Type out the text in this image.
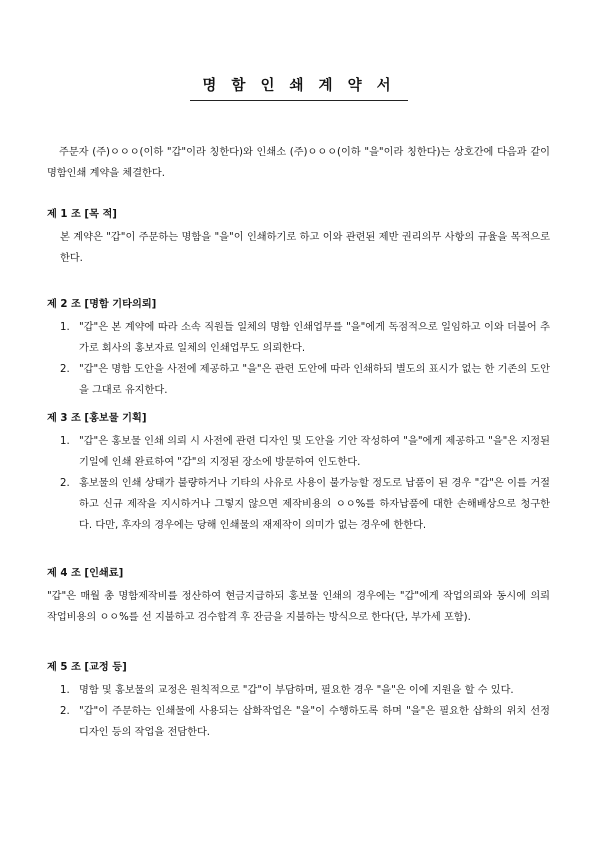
명 함 인 쇄 계 약 서
주문자 (주)ㅇㅇㅇ(이하 "갑"이라 칭한다)와 인쇄소 (주)ㅇㅇㅇ(이하 "을"이라 칭한다)는 상호간에 다음과 같이 명함인쇄 계약을 체결한다.
제 1 조 [목 적]
본 계약은 "갑"이 주문하는 명함을 "을"이 인쇄하기로 하고 이와 관련된 제반 권리의무 사항의 규율을 목적으로 한다.
제 2 조 [명함 기타의뢰]
1. "갑"은 본 계약에 따라 소속 직원들 일체의 명함 인쇄업무를 "을"에게 독점적으로 일임하고 이와 더불어 추가로 회사의 홍보자료 일체의 인쇄업무도 의뢰한다.
2. "갑"은 명함 도안을 사전에 제공하고 "을"은 관련 도안에 따라 인쇄하되 별도의 표시가 없는 한 기존의 도안을 그대로 유지한다.
제 3 조 [홍보물 기획]
1. "갑"은 홍보물 인쇄 의뢰 시 사전에 관련 디자인 및 도안을 기안 작성하여 "을"에게 제공하고 "을"은 지정된 기일에 인쇄 완료하여 "갑"의 지정된 장소에 방문하여 인도한다.
2. 홍보물의 인쇄 상태가 불량하거나 기타의 사유로 사용이 불가능할 정도로 납품이 된 경우 "갑"은 이를 거절하고 신규 제작을 지시하거나 그렇지 않으면 제작비용의 ㅇㅇ%를 하자납품에 대한 손해배상으로 청구한다. 다만, 후자의 경우에는 당해 인쇄물의 재제작이 의미가 없는 경우에 한한다.
제 4 조 [인쇄료]
"갑"은 매월 총 명함제작비를 정산하여 현금지급하되 홍보물 인쇄의 경우에는 "갑"에게 작업의뢰와 동시에 의뢰 작업비용의 ㅇㅇ%를 선 지불하고 검수합격 후 잔금을 지불하는 방식으로 한다(단, 부가세 포함).
제 5 조 [교정 등]
1. 명함 및 홍보물의 교정은 원칙적으로 "갑"이 부담하며, 필요한 경우 "을"은 이에 지원을 할 수 있다.
2. "갑"이 주문하는 인쇄물에 사용되는 삽화작업은 "을"이 수행하도록 하며 "을"은 필요한 삽화의 위치 선정 디자인 등의 작업을 전담한다.
